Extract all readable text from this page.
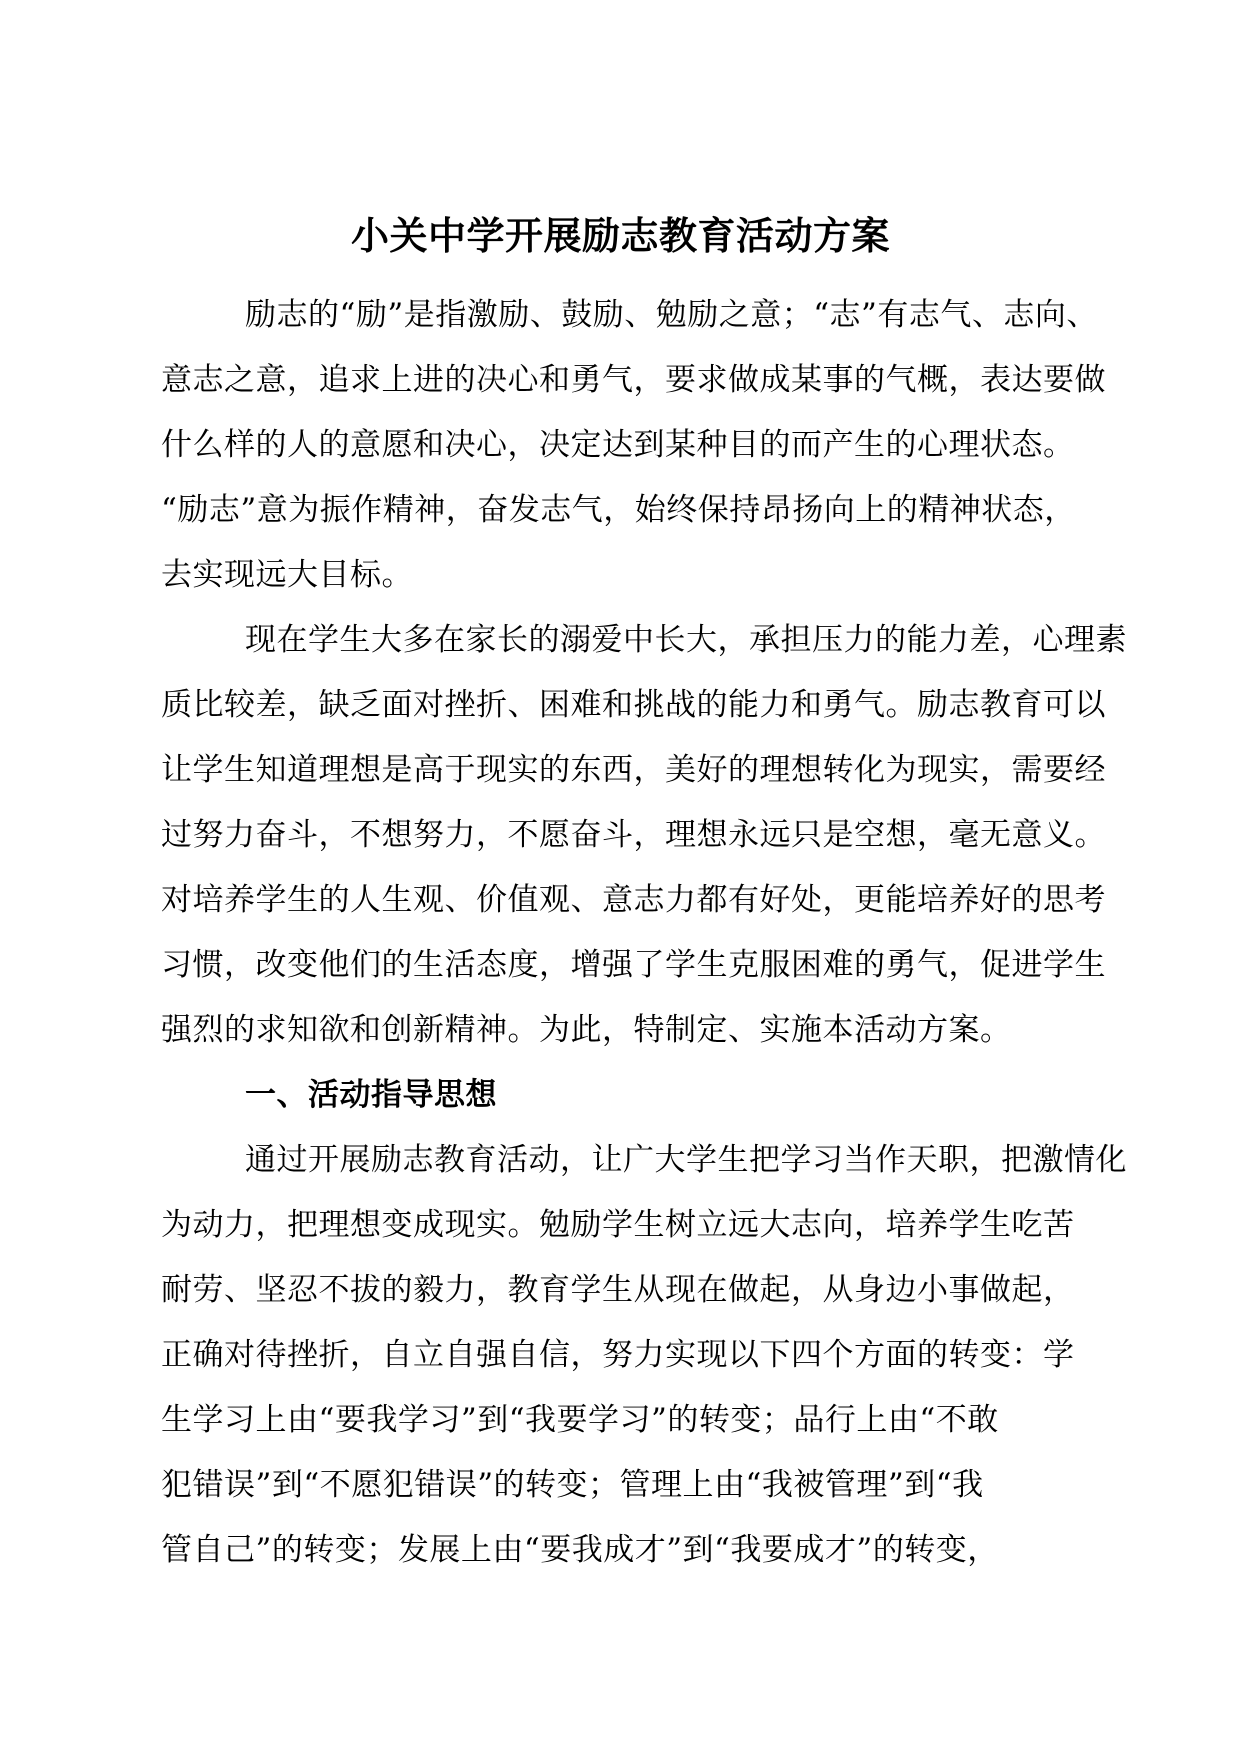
小关中学开展励志教育活动方案
励志的“励”是指激励、鼓励、勉励之意；“志”有志气、志向、
意志之意，追求上进的决心和勇气，要求做成某事的气概，表达要做
什么样的人的意愿和决心，决定达到某种目的而产生的心理状态。
“励志”意为振作精神，奋发志气，始终保持昂扬向上的精神状态，
去实现远大目标。
现在学生大多在家长的溺爱中长大，承担压力的能力差，心理素
质比较差，缺乏面对挫折、困难和挑战的能力和勇气。励志教育可以
让学生知道理想是高于现实的东西，美好的理想转化为现实，需要经
过努力奋斗，不想努力，不愿奋斗，理想永远只是空想，毫无意义。
对培养学生的人生观、价值观、意志力都有好处，更能培养好的思考
习惯，改变他们的生活态度，增强了学生克服困难的勇气，促进学生
强烈的求知欲和创新精神。为此，特制定、实施本活动方案。
一、活动指导思想
通过开展励志教育活动，让广大学生把学习当作天职，把激情化
为动力，把理想变成现实。勉励学生树立远大志向，培养学生吃苦
耐劳、坚忍不拔的毅力，教育学生从现在做起，从身边小事做起，
正确对待挫折，自立自强自信，努力实现以下四个方面的转变：学
生学习上由“要我学习”到“我要学习”的转变；品行上由“不敢
犯错误”到“不愿犯错误”的转变；管理上由“我被管理”到“我
管自己”的转变；发展上由“要我成才”到“我要成才”的转变，
